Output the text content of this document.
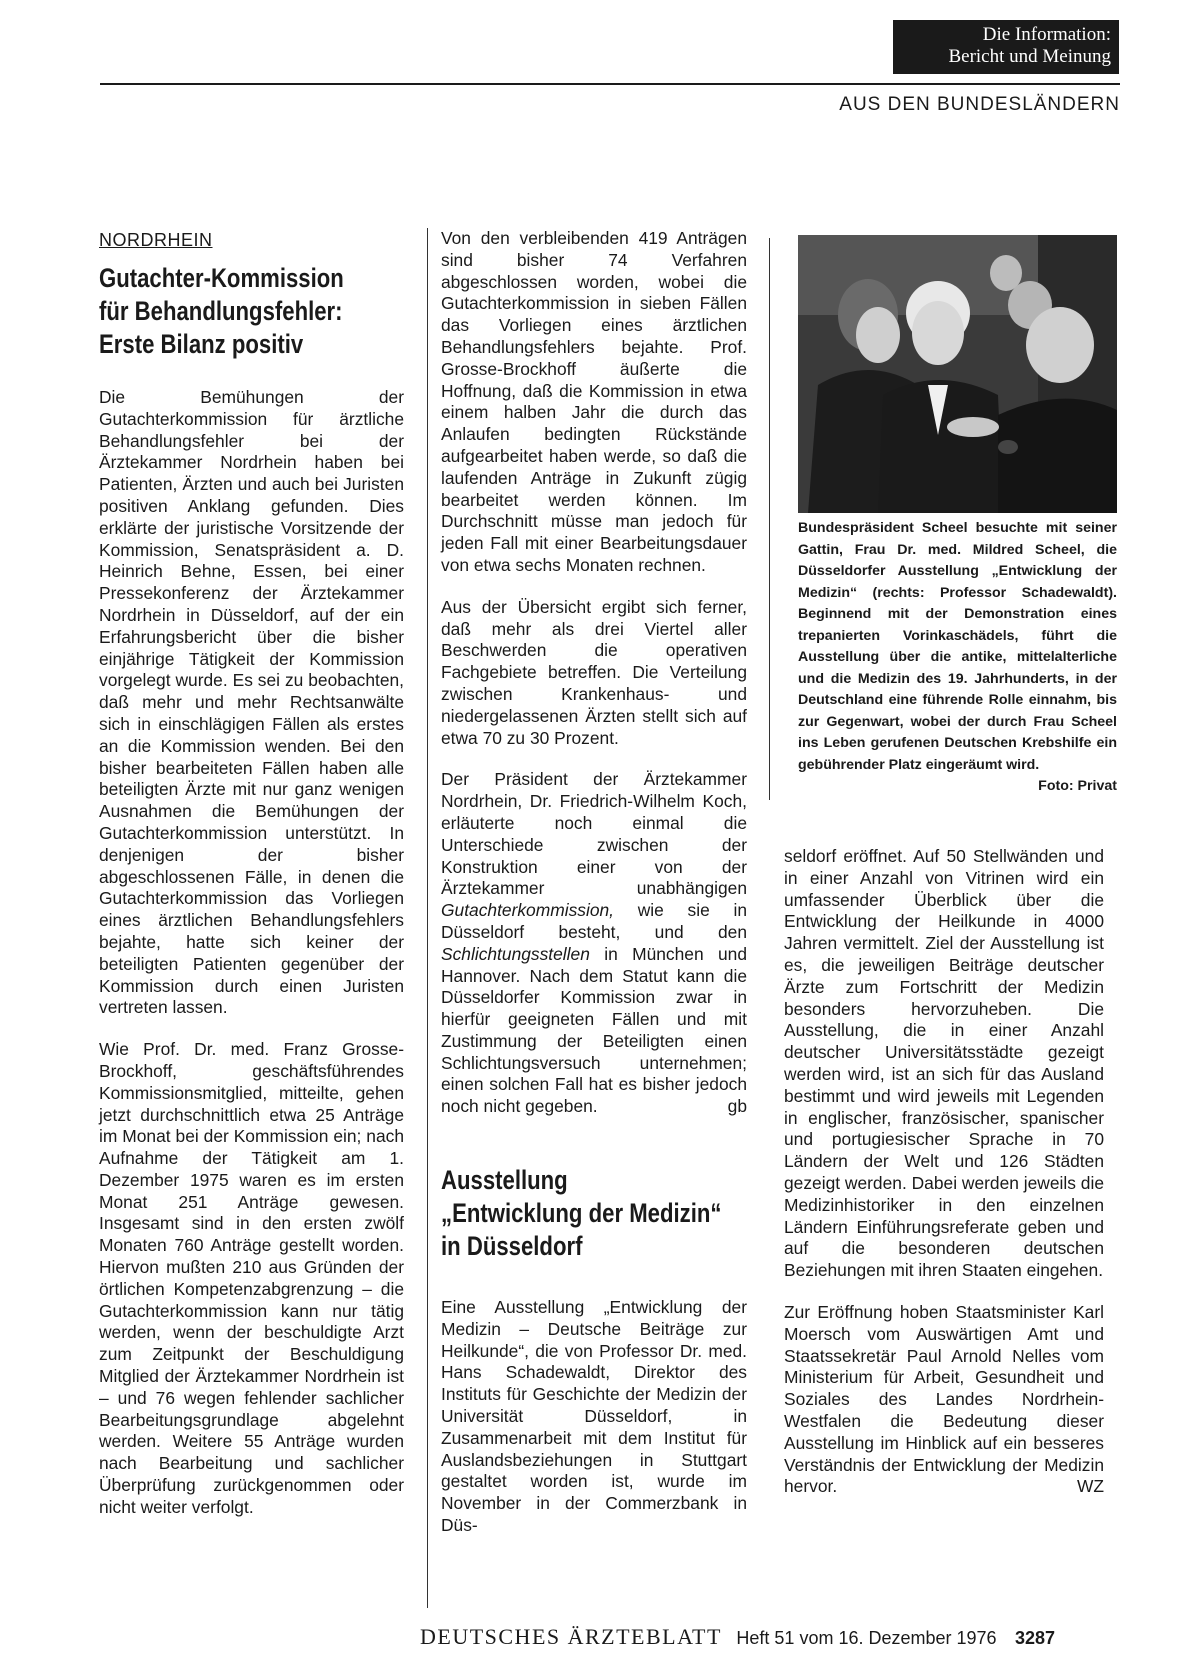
Die Information:
Bericht und Meinung
AUS DEN BUNDESLÄNDERN
NORDRHEIN
Gutachter-Kommission
für Behandlungsfehler:
Erste Bilanz positiv

Die Bemühungen der Gutachterkommission für ärztliche Behandlungsfehler bei der Ärztekammer Nordrhein haben bei Patienten, Ärzten und auch bei Juristen positiven Anklang gefunden. Dies erklärte der juristische Vorsitzende der Kommission, Senatspräsident a. D. Heinrich Behne, Essen, bei einer Pressekonferenz der Ärztekammer Nordrhein in Düsseldorf, auf der ein Erfahrungsbericht über die bisher einjährige Tätigkeit der Kommission vorgelegt wurde. Es sei zu beobachten, daß mehr und mehr Rechtsanwälte sich in einschlägigen Fällen als erstes an die Kommission wenden. Bei den bisher bearbeiteten Fällen haben alle beteiligten Ärzte mit nur ganz wenigen Ausnahmen die Bemühungen der Gutachterkommission unterstützt. In denjenigen der bisher abgeschlossenen Fälle, in denen die Gutachterkommission das Vorliegen eines ärztlichen Behandlungsfehlers bejahte, hatte sich keiner der beteiligten Patienten gegenüber der Kommission durch einen Juristen vertreten lassen.

Wie Prof. Dr. med. Franz Grosse-Brockhoff, geschäftsführendes Kommissionsmitglied, mitteilte, gehen jetzt durchschnittlich etwa 25 Anträge im Monat bei der Kommission ein; nach Aufnahme der Tätigkeit am 1. Dezember 1975 waren es im ersten Monat 251 Anträge gewesen. Insgesamt sind in den ersten zwölf Monaten 760 Anträge gestellt worden. Hiervon mußten 210 aus Gründen der örtlichen Kompetenzabgrenzung – die Gutachterkommission kann nur tätig werden, wenn der beschuldigte Arzt zum Zeitpunkt der Beschuldigung Mitglied der Ärztekammer Nordrhein ist – und 76 wegen fehlender sachlicher Bearbeitungsgrundlage abgelehnt werden. Weitere 55 Anträge wurden nach Bearbeitung und sachlicher Überprüfung zurückgenommen oder nicht weiter verfolgt.

Von den verbleibenden 419 Anträgen sind bisher 74 Verfahren abgeschlossen worden, wobei die Gutachterkommission in sieben Fällen das Vorliegen eines ärztlichen Behandlungsfehlers bejahte. Prof. Grosse-Brockhoff äußerte die Hoffnung, daß die Kommission in etwa einem halben Jahr die durch das Anlaufen bedingten Rückstände aufgearbeitet haben werde, so daß die laufenden Anträge in Zukunft zügig bearbeitet werden können. Im Durchschnitt müsse man jedoch für jeden Fall mit einer Bearbeitungsdauer von etwa sechs Monaten rechnen.

Aus der Übersicht ergibt sich ferner, daß mehr als drei Viertel aller Beschwerden die operativen Fachgebiete betreffen. Die Verteilung zwischen Krankenhaus- und niedergelassenen Ärzten stellt sich auf etwa 70 zu 30 Prozent.

Der Präsident der Ärztekammer Nordrhein, Dr. Friedrich-Wilhelm Koch, erläuterte noch einmal die Unterschiede zwischen der Konstruktion einer von der Ärztekammer unabhängigen Gutachterkommission, wie sie in Düsseldorf besteht, und den Schlichtungsstellen in München und Hannover. Nach dem Statut kann die Düsseldorfer Kommission zwar in hierfür geeigneten Fällen und mit Zustimmung der Beteiligten einen Schlichtungsversuch unternehmen; einen solchen Fall hat es bisher jedoch noch nicht gegeben.	gb

Ausstellung
„Entwicklung der Medizin“
in Düsseldorf

Eine Ausstellung „Entwicklung der Medizin – Deutsche Beiträge zur Heilkunde“, die von Professor Dr. med. Hans Schadewaldt, Direktor des Instituts für Geschichte der Medizin der Universität Düsseldorf, in Zusammenarbeit mit dem Institut für Auslandsbeziehungen in Stuttgart gestaltet worden ist, wurde im November in der Commerzbank in Düs-

Bundespräsident Scheel besuchte mit seiner Gattin, Frau Dr. med. Mildred Scheel, die Düsseldorfer Ausstellung „Entwicklung der Medizin“ (rechts: Professor Schadewaldt). Beginnend mit der Demonstration eines trepanierten Vorinkaschädels, führt die Ausstellung über die antike, mittelalterliche und die Medizin des 19. Jahrhunderts, in der Deutschland eine führende Rolle einnahm, bis zur Gegenwart, wobei der durch Frau Scheel ins Leben gerufenen Deutschen Krebshilfe ein gebührender Platz eingeräumt wird.
Foto: Privat

seldorf eröffnet. Auf 50 Stellwänden und in einer Anzahl von Vitrinen wird ein umfassender Überblick über die Entwicklung der Heilkunde in 4000 Jahren vermittelt. Ziel der Ausstellung ist es, die jeweiligen Beiträge deutscher Ärzte zum Fortschritt der Medizin besonders hervorzuheben. Die Ausstellung, die in einer Anzahl deutscher Universitätsstädte gezeigt werden wird, ist an sich für das Ausland bestimmt und wird jeweils mit Legenden in englischer, französischer, spanischer und portugiesischer Sprache in 70 Ländern der Welt und 126 Städten gezeigt werden. Dabei werden jeweils die Medizinhistoriker in den einzelnen Ländern Einführungsreferate geben und auf die besonderen deutschen Beziehungen mit ihren Staaten eingehen.

Zur Eröffnung hoben Staatsminister Karl Moersch vom Auswärtigen Amt und Staatssekretär Paul Arnold Nelles vom Ministerium für Arbeit, Gesundheit und Soziales des Landes Nordrhein-Westfalen die Bedeutung dieser Ausstellung im Hinblick auf ein besseres Verständnis der Entwicklung der Medizin hervor.	WZ

DEUTSCHES ÄRZTEBLATT Heft 51 vom 16. Dezember 1976 3287
